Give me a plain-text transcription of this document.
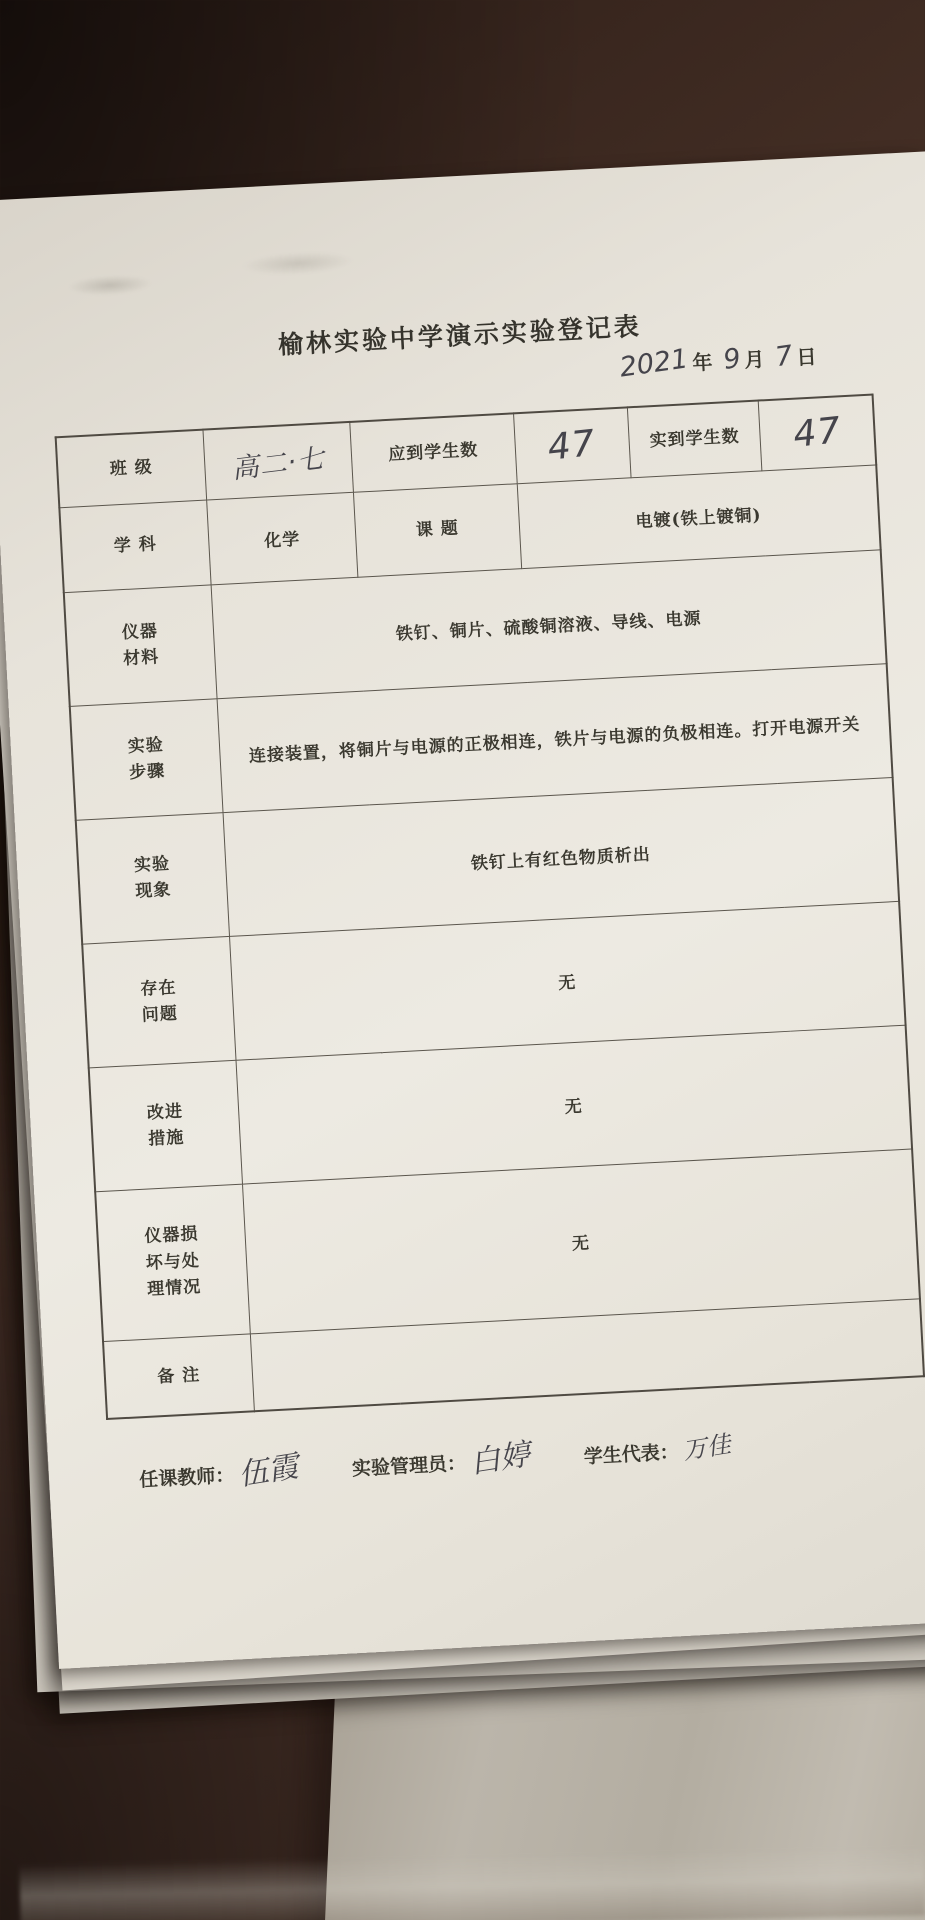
榆林实验中学演示实验登记表
2021年 9月 7日
班 级	高二·七	应到学生数	47	实到学生数	47
学 科	化学	课 题	电镀(铁上镀铜)		
仪器
材料	铁钉、铜片、硫酸铜溶液、导线、电源				
实验
步骤	连接装置，将铜片与电源的正极相连，铁片与电源的负极相连。打开电源开关				
实验
现象	铁钉上有红色物质析出				
存在
问题	无				
改进
措施	无				
仪器损
坏与处
理情况	无				
备 注					
任课教师： 伍霞	实验管理员： 白婷	学生代表： 万佳
